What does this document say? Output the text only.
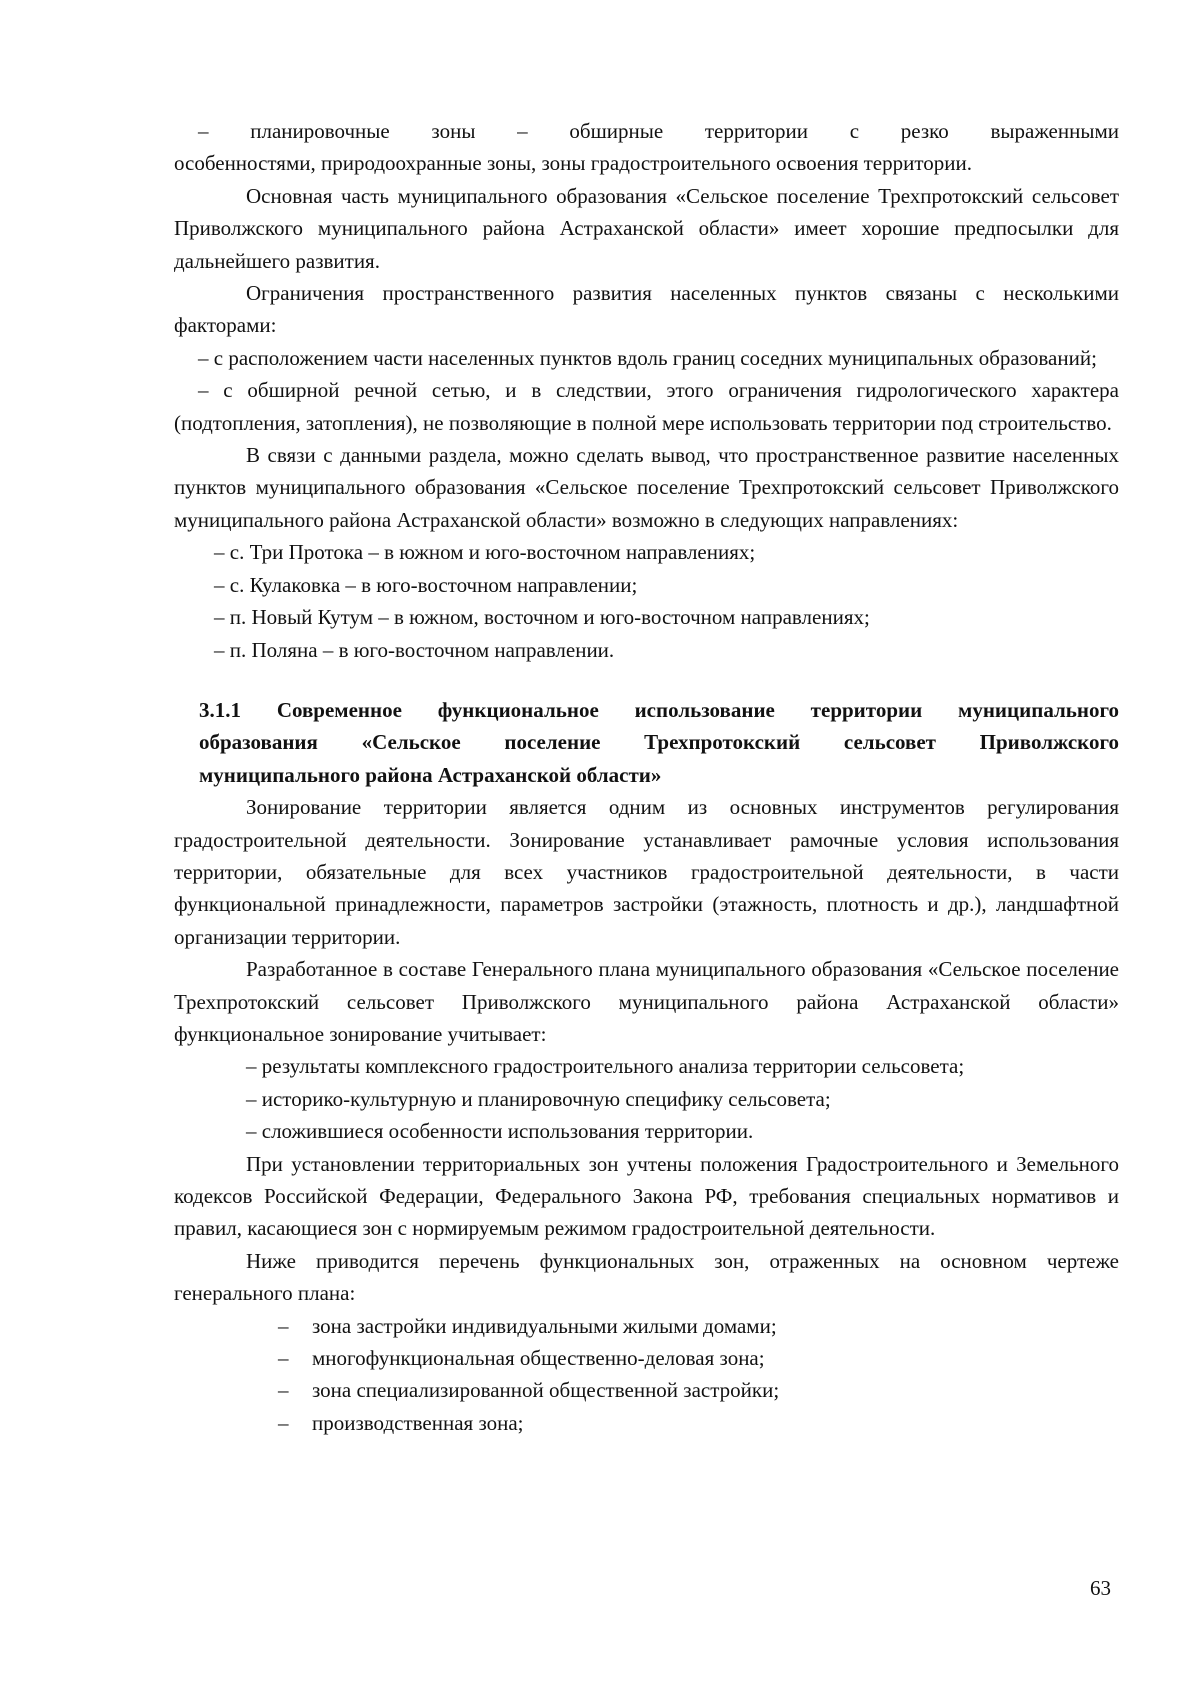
– планировочные зоны – обширные территории с резко выраженными

особенностями, природоохранные зоны, зоны градостроительного освоения территории.

Основная часть муниципального образования «Сельское поселение Трехпротокский сельсовет Приволжского муниципального района Астраханской области» имеет хорошие предпосылки для дальнейшего развития.

Ограничения пространственного развития населенных пунктов связаны с несколькими факторами:

– с расположением части населенных пунктов вдоль границ соседних муниципальных образований;

– с обширной речной сетью, и в следствии, этого ограничения гидрологического характера (подтопления, затопления), не позволяющие в полной мере использовать территории под строительство.

В связи с данными раздела, можно сделать вывод, что пространственное развитие населенных пунктов муниципального образования «Сельское поселение Трехпротокский сельсовет Приволжского муниципального района Астраханской области» возможно в следующих направлениях:

– с. Три Протока – в южном и юго-восточном направлениях;

– с. Кулаковка – в юго-восточном направлении;

– п. Новый Кутум – в южном, восточном и юго-восточном направлениях;

– п. Поляна – в юго-восточном направлении.

3.1.1 Современное функциональное использование территории муниципального
образования «Сельское поселение Трехпротокский сельсовет Приволжского
муниципального района Астраханской области»

Зонирование территории является одним из основных инструментов регулирования градостроительной деятельности. Зонирование устанавливает рамочные условия использования территории, обязательные для всех участников градостроительной деятельности, в части функциональной принадлежности, параметров застройки (этажность, плотность и др.), ландшафтной организации территории.

Разработанное в составе Генерального плана муниципального образования «Сельское поселение Трехпротокский сельсовет Приволжского муниципального района Астраханской области» функциональное зонирование учитывает:

– результаты комплексного градостроительного анализа территории сельсовета;

– историко-культурную и планировочную специфику сельсовета;

– сложившиеся особенности использования территории.

При установлении территориальных зон учтены положения Градостроительного и Земельного кодексов Российской Федерации, Федерального Закона РФ, требования специальных нормативов и правил, касающиеся зон с нормируемым режимом градостроительной деятельности.

Ниже приводится перечень функциональных зон, отраженных на основном чертеже генерального плана:

– зона застройки индивидуальными жилыми домами;

– многофункциональная общественно-деловая зона;

– зона специализированной общественной застройки;

– производственная зона;

63
